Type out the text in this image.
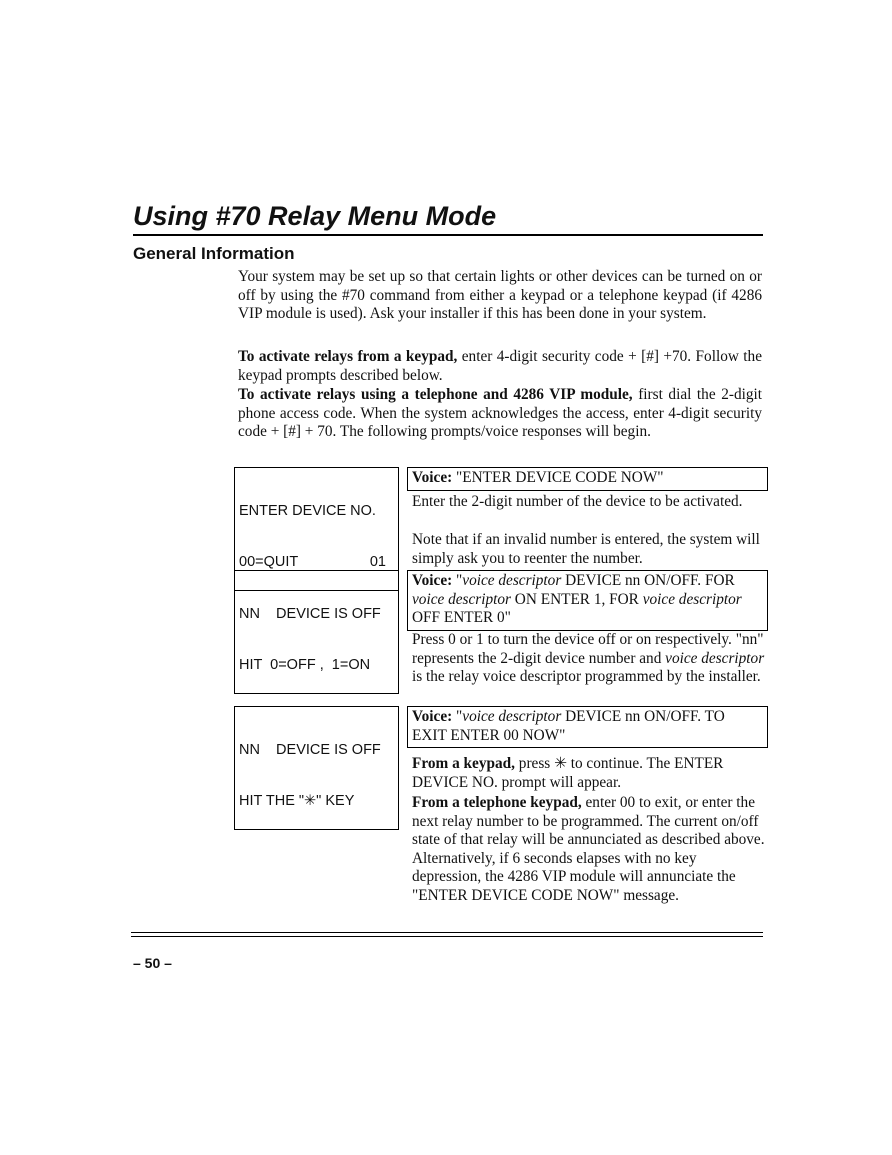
Using #70 Relay Menu Mode
General Information

Your system may be set up so that certain lights or other devices can be turned on or off by using the #70 command from either a keypad or a telephone keypad (if 4286 VIP module is used). Ask your installer if this has been done in your system.

To activate relays from a keypad, enter 4-digit security code + [#] +70. Follow the keypad prompts described below.

To activate relays using a telephone and 4286 VIP module, first dial the 2-digit phone access code. When the system acknowledges the access, enter 4-digit security code + [#] + 70. The following prompts/voice responses will begin.

ENTER DEVICE NO.

00=QUIT	01

Voice: "ENTER DEVICE CODE NOW"

Enter the 2-digit number of the device to be activated.

Note that if an invalid number is entered, the system will simply ask you to reenter the number.

NN    DEVICE IS OFF

HIT  0=OFF ,  1=ON

Voice: "voice descriptor DEVICE nn ON/OFF. FOR voice descriptor ON ENTER 1, FOR voice descriptor OFF ENTER 0"

Press 0 or 1 to turn the device off or on respectively. "nn" represents the 2-digit device number and voice descriptor is the relay voice descriptor programmed by the installer.

NN    DEVICE IS OFF

HIT THE "✳" KEY

Voice: "voice descriptor DEVICE nn ON/OFF. TO EXIT ENTER 00 NOW"

From a keypad, press ✳ to continue. The ENTER DEVICE NO. prompt will appear.

From a telephone keypad, enter 00 to exit, or enter the next relay number to be programmed. The current on/off state of that relay will be annunciated as described above. Alternatively, if 6 seconds elapses with no key depression, the 4286 VIP module will annunciate the "ENTER DEVICE CODE NOW" message.

– 50 –
